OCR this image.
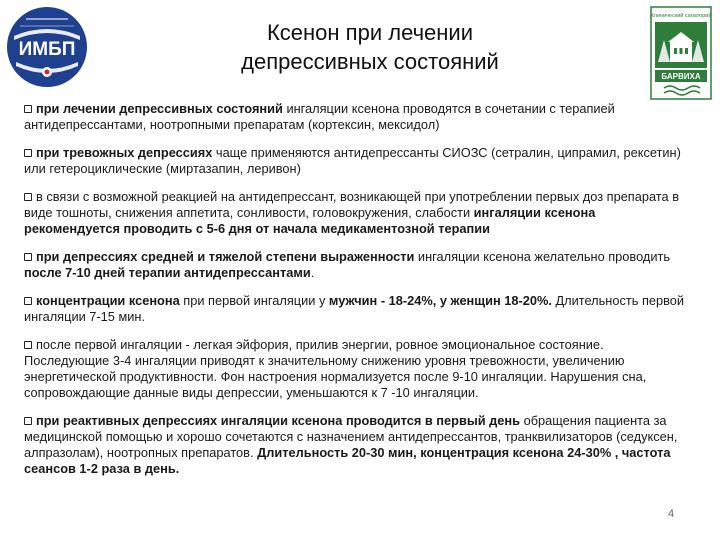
ИМБП
Ксенон при лечении
депрессивных состояний
Клинический санаторий
БАРВИХА

при лечении депрессивных состояний ингаляции ксенона проводятся в сочетании с терапией антидепрессантами, ноотропными препаратам (кортексин, мексидол)

при тревожных депрессиях чаще применяются антидепрессанты СИОЗС (сетралин, ципрамил, рексетин) или гетероциклические (миртазапин, леривон)

в связи с возможной реакцией на антидепрессант, возникающей при употреблении первых доз препарата в виде тошноты, снижения аппетита, сонливости, головокружения, слабости ингаляции ксенона рекомендуется проводить с 5-6 дня от начала медикаментозной терапии

при депрессиях средней и тяжелой степени выраженности ингаляции ксенона желательно проводить после 7-10 дней терапии антидепрессантами.

концентрации ксенона при первой ингаляции у мужчин - 18-24%, у женщин 18-20%. Длительность первой ингаляции 7-15 мин.

после первой ингаляции - легкая эйфория, прилив энергии, ровное эмоциональное состояние. Последующие 3-4 ингаляции приводят к значительному снижению уровня тревожности, увеличению энергетической продуктивности. Фон настроения нормализуется после 9-10 ингаляции. Нарушения сна, сопровождающие данные виды депрессии, уменьшаются к 7 -10 ингаляции.

при реактивных депрессиях ингаляции ксенона проводится в первый день обращения пациента за медицинской помощью и хорошо сочетаются с назначением антидепрессантов, транквилизаторов (седуксен, алпразолам), ноотропных препаратов. Длительность 20-30 мин, концентрация ксенона 24-30% , частота сеансов 1-2 раза в день.

4
